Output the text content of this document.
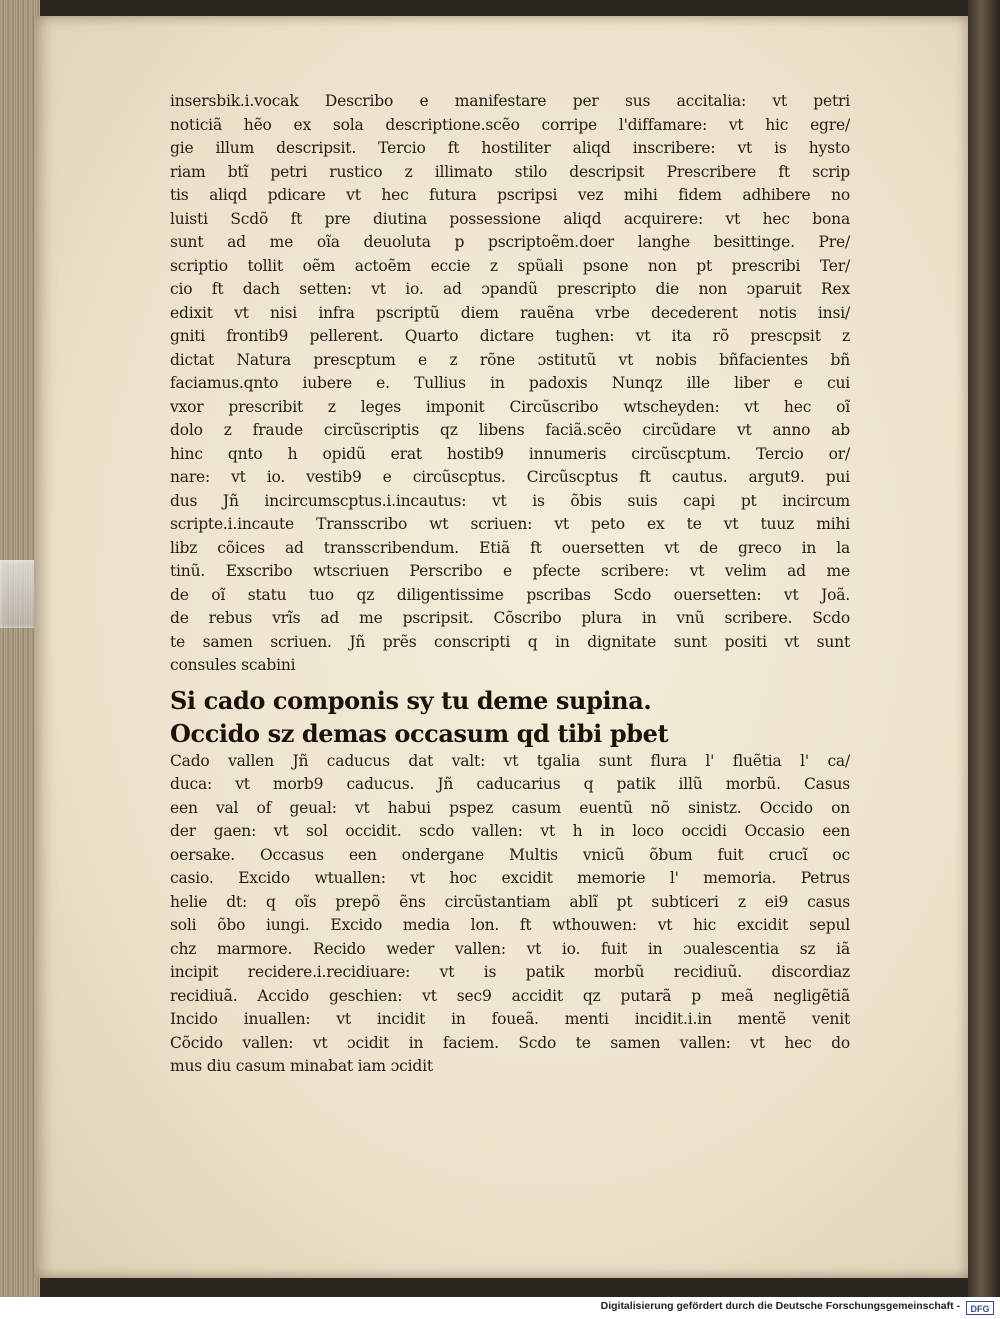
insersbik.i.vocak Describo e manifestare per sus accitalia: vt petri
noticiã hẽo ex sola descriptione.scẽo corripe l'diffamare: vt hic egre/
gie illum descripsit. Tercio ft hostiliter aliqd inscribere: vt is hysto
riam btĩ petri rustico z illimato stilo descripsit Prescribere ft scrip
tis aliqd pdicare vt hec futura pscripsi vez mihi fidem adhibere no
luisti Scdõ ft pre diutina possessione aliqd acquirere: vt hec bona
sunt ad me oĩa deuoluta p pscriptoẽm.doer langhe besittinge. Pre/
scriptio tollit oẽm actoẽm eccie z spũali psone non pt prescribi Ter/
cio ft dach setten: vt io. ad ɔpandũ prescripto die non ɔparuit Rex
edixit vt nisi infra pscriptũ diem rauẽna vrbe decederent notis insi/
gniti frontib9 pellerent. Quarto dictare tughen: vt ita rõ prescpsit z
dictat Natura prescptum e z rõne ɔstitutũ vt nobis bñfacientes bñ
faciamus.qnto iubere e. Tullius in padoxis Nunqz ille liber e cui
vxor prescribit z leges imponit Circũscribo wtscheyden: vt hec oĩ
dolo z fraude circũscriptis qz libens faciã.scẽo circũdare vt anno ab
hinc qnto h opidũ erat hostib9 innumeris circũscptum. Tercio or/
nare: vt io. vestib9 e circũscptus. Circũscptus ft cautus. argut9. pui
dus Jñ incircumscptus.i.incautus: vt is õbis suis capi pt incircum
scripte.i.incaute Transscribo wt scriuen: vt peto ex te vt tuuz mihi
libz cõices ad transscribendum. Etiã ft ouersetten vt de greco in la
tinũ. Exscribo wtscriuen Perscribo e pfecte scribere: vt velim ad me
de oĩ statu tuo qz diligentissime pscribas Scdo ouersetten: vt Joã.
de rebus vrĩs ad me pscripsit. Cõscribo plura in vnũ scribere. Scdo
te samen scriuen. Jñ prẽs conscripti q in dignitate sunt positi vt sunt
consules scabini
Si cado componis sy tu deme supina.
Occido sz demas occasum qd tibi pbet
Cado vallen Jñ caducus dat valt: vt tgalia sunt flura l' fluẽtia l' ca/
duca: vt morb9 caducus. Jñ caducarius q patik illũ morbũ. Casus
een val of geual: vt habui pspez casum euentũ nõ sinistz. Occido on
der gaen: vt sol occidit. scdo vallen: vt h in loco occidi Occasio een
oersake. Occasus een ondergane Multis vnicũ õbum fuit crucĩ oc
casio. Excido wtuallen: vt hoc excidit memorie l' memoria. Petrus
helie dt: q oĩs prepõ ẽns circũstantiam ablĩ pt subticeri z ei9 casus
soli õbo iungi. Excido media lon. ft wthouwen: vt hic excidit sepul
chz marmore. Recido weder vallen: vt io. fuit in ɔualescentia sz iã
incipit recidere.i.recidiuare: vt is patik morbũ recidiuũ. discordiaz
recidiuã. Accido geschien: vt sec9 accidit qz putarã p meã negligẽtiã
Incido inuallen: vt incidit in foueã. menti incidit.i.in mentẽ venit
Cõcido vallen: vt ɔcidit in faciem. Scdo te samen vallen: vt hec do
mus diu casum minabat iam ɔcidit
Digitalisierung gefördert durch die Deutsche Forschungsgemeinschaft -	DFG
